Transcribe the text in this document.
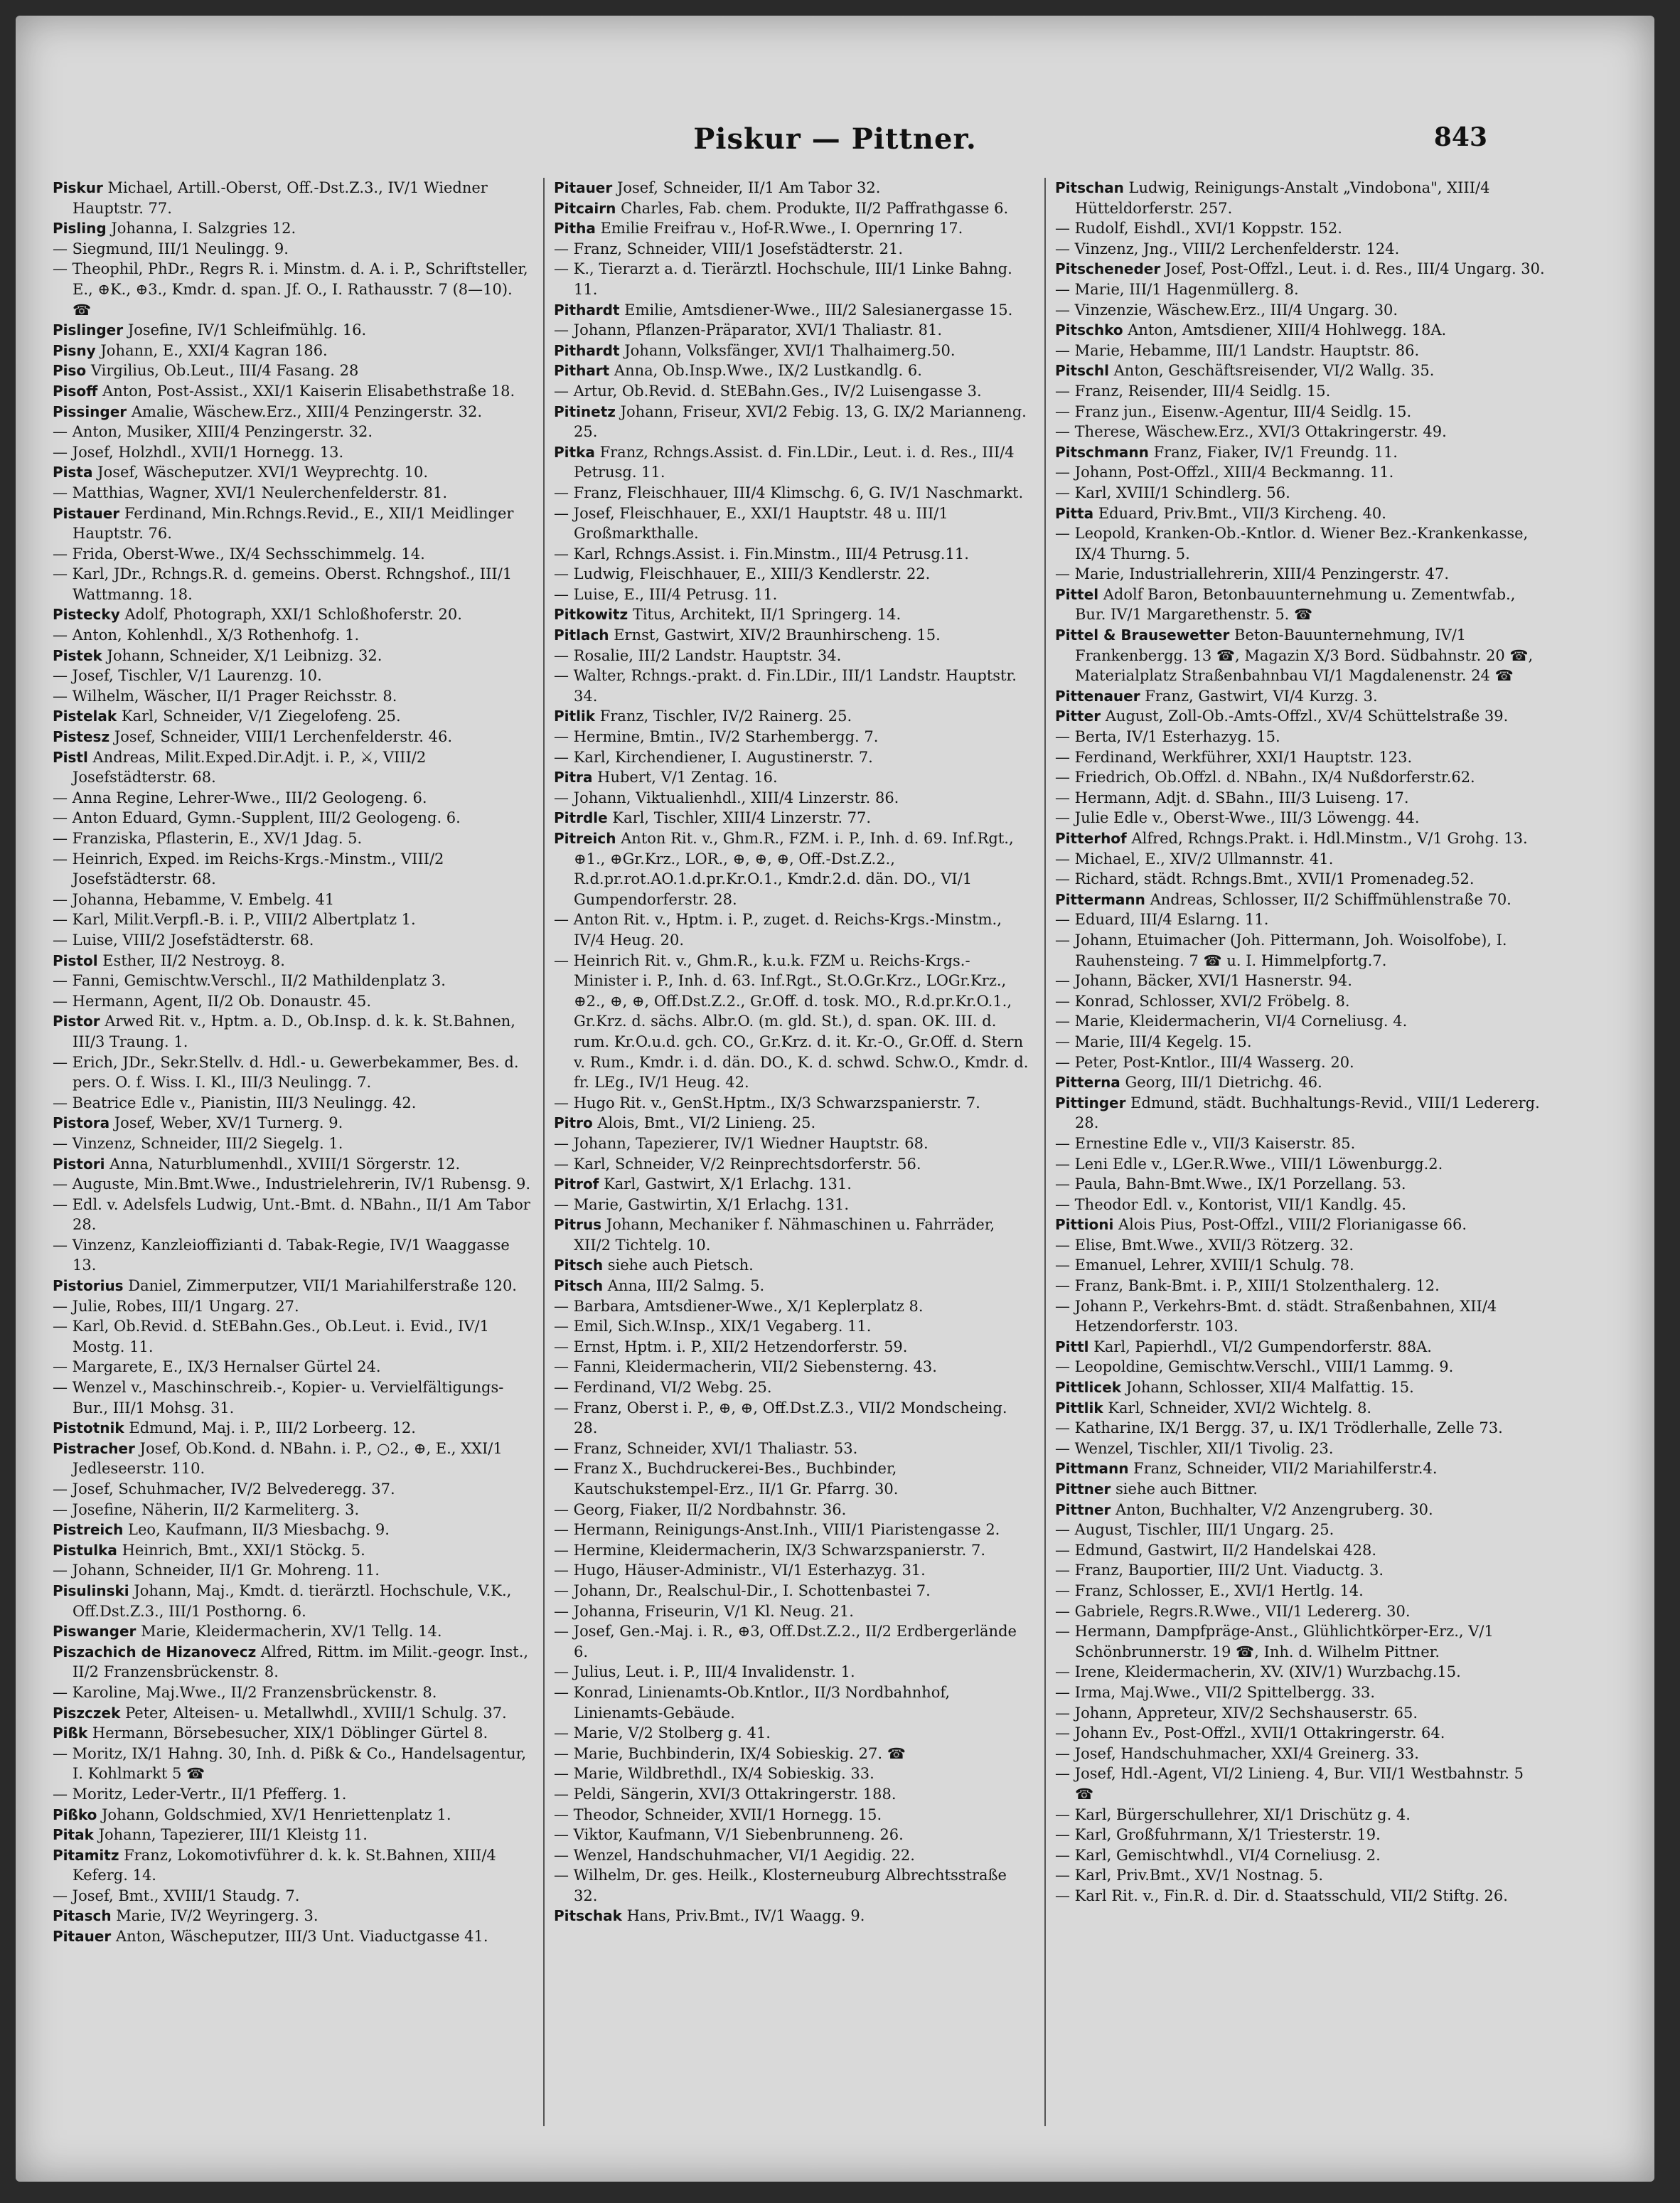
Piskur — Pittner.	843

Piskur Michael, Artill.-Oberst, Off.-Dst.Z.3., IV/1 Wiedner Hauptstr. 77.

Pisling Johanna, I. Salzgries 12.

— Siegmund, III/1 Neulingg. 9.

— Theophil, PhDr., Regrs R. i. Minstm. d. A. i. P., Schriftsteller, E., ⊕K., ⊕3., Kmdr. d. span. Jf. O., I. Rathausstr. 7 (8—10). ☎

Pislinger Josefine, IV/1 Schleifmühlg. 16.

Pisny Johann, E., XXI/4 Kagran 186.

Piso Virgilius, Ob.Leut., III/4 Fasang. 28

Pisoff Anton, Post-Assist., XXI/1 Kaiserin Elisabethstraße 18.

Pissinger Amalie, Wäschew.Erz., XIII/4 Penzingerstr. 32.

— Anton, Musiker, XIII/4 Penzingerstr. 32.

— Josef, Holzhdl., XVII/1 Hornegg. 13.

Pista Josef, Wäscheputzer. XVI/1 Weyprechtg. 10.

— Matthias, Wagner, XVI/1 Neulerchenfelderstr. 81.

Pistauer Ferdinand, Min.Rchngs.Revid., E., XII/1 Meidlinger Hauptstr. 76.

— Frida, Oberst-Wwe., IX/4 Sechsschimmelg. 14.

— Karl, JDr., Rchngs.R. d. gemeins. Oberst. Rchngshof., III/1 Wattmanng. 18.

Pistecky Adolf, Photograph, XXI/1 Schloßhoferstr. 20.

— Anton, Kohlenhdl., X/3 Rothenhofg. 1.

Pistek Johann, Schneider, X/1 Leibnizg. 32.

— Josef, Tischler, V/1 Laurenzg. 10.

— Wilhelm, Wäscher, II/1 Prager Reichsstr. 8.

Pistelak Karl, Schneider, V/1 Ziegelofeng. 25.

Pistesz Josef, Schneider, VIII/1 Lerchenfelderstr. 46.

Pistl Andreas, Milit.Exped.Dir.Adjt. i. P., ⚔, VIII/2 Josefstädterstr. 68.

— Anna Regine, Lehrer-Wwe., III/2 Geologeng. 6.

— Anton Eduard, Gymn.-Supplent, III/2 Geologeng. 6.

— Franziska, Pflasterin, E., XV/1 Jdag. 5.

— Heinrich, Exped. im Reichs-Krgs.-Minstm., VIII/2 Josefstädterstr. 68.

— Johanna, Hebamme, V. Embelg. 41

— Karl, Milit.Verpfl.-B. i. P., VIII/2 Albertplatz 1.

— Luise, VIII/2 Josefstädterstr. 68.

Pistol Esther, II/2 Nestroyg. 8.

— Fanni, Gemischtw.Verschl., II/2 Mathildenplatz 3.

— Hermann, Agent, II/2 Ob. Donaustr. 45.

Pistor Arwed Rit. v., Hptm. a. D., Ob.Insp. d. k. k. St.Bahnen, III/3 Traung. 1.

— Erich, JDr., Sekr.Stellv. d. Hdl.- u. Gewerbekammer, Bes. d. pers. O. f. Wiss. I. Kl., III/3 Neulingg. 7.

— Beatrice Edle v., Pianistin, III/3 Neulingg. 42.

Pistora Josef, Weber, XV/1 Turnerg. 9.

— Vinzenz, Schneider, III/2 Siegelg. 1.

Pistori Anna, Naturblumenhdl., XVIII/1 Sörgerstr. 12.

— Auguste, Min.Bmt.Wwe., Industrielehrerin, IV/1 Rubensg. 9.

— Edl. v. Adelsfels Ludwig, Unt.-Bmt. d. NBahn., II/1 Am Tabor 28.

— Vinzenz, Kanzleioffizianti d. Tabak-Regie, IV/1 Waaggasse 13.

Pistorius Daniel, Zimmerputzer, VII/1 Mariahilferstraße 120.

— Julie, Robes, III/1 Ungarg. 27.

— Karl, Ob.Revid. d. StEBahn.Ges., Ob.Leut. i. Evid., IV/1 Mostg. 11.

— Margarete, E., IX/3 Hernalser Gürtel 24.

— Wenzel v., Maschinschreib.-, Kopier- u. Vervielfältigungs-Bur., III/1 Mohsg. 31.

Pistotnik Edmund, Maj. i. P., III/2 Lorbeerg. 12.

Pistracher Josef, Ob.Kond. d. NBahn. i. P., ○2., ⊕, E., XXI/1 Jedleseerstr. 110.

— Josef, Schuhmacher, IV/2 Belvederegg. 37.

— Josefine, Näherin, II/2 Karmeliterg. 3.

Pistreich Leo, Kaufmann, II/3 Miesbachg. 9.

Pistulka Heinrich, Bmt., XXI/1 Stöckg. 5.

— Johann, Schneider, II/1 Gr. Mohreng. 11.

Pisulinski Johann, Maj., Kmdt. d. tierärztl. Hochschule, V.K., Off.Dst.Z.3., III/1 Posthorng. 6.

Piswanger Marie, Kleidermacherin, XV/1 Tellg. 14.

Piszachich de Hizanovecz Alfred, Rittm. im Milit.-geogr. Inst., II/2 Franzensbrückenstr. 8.

— Karoline, Maj.Wwe., II/2 Franzensbrückenstr. 8.

Piszczek Peter, Alteisen- u. Metallwhdl., XVIII/1 Schulg. 37.

Pißk Hermann, Börsebesucher, XIX/1 Döblinger Gürtel 8.

— Moritz, IX/1 Hahng. 30, Inh. d. Pißk & Co., Handelsagentur, I. Kohlmarkt 5 ☎

— Moritz, Leder-Vertr., II/1 Pfefferg. 1.

Pißko Johann, Goldschmied, XV/1 Henriettenplatz 1.

Pitak Johann, Tapezierer, III/1 Kleistg 11.

Pitamitz Franz, Lokomotivführer d. k. k. St.Bahnen, XIII/4 Keferg. 14.

— Josef, Bmt., XVIII/1 Staudg. 7.

Pitasch Marie, IV/2 Weyringerg. 3.

Pitauer Anton, Wäscheputzer, III/3 Unt. Viaductgasse 41.

Pitauer Josef, Schneider, II/1 Am Tabor 32.

Pitcairn Charles, Fab. chem. Produkte, II/2 Paffrathgasse 6.

Pitha Emilie Freifrau v., Hof-R.Wwe., I. Opernring 17.

— Franz, Schneider, VIII/1 Josefstädterstr. 21.

— K., Tierarzt a. d. Tierärztl. Hochschule, III/1 Linke Bahng. 11.

Pithardt Emilie, Amtsdiener-Wwe., III/2 Salesianergasse 15.

— Johann, Pflanzen-Präparator, XVI/1 Thaliastr. 81.

Pithardt Johann, Volksfänger, XVI/1 Thalhaimerg.50.

Pithart Anna, Ob.Insp.Wwe., IX/2 Lustkandlg. 6.

— Artur, Ob.Revid. d. StEBahn.Ges., IV/2 Luisengasse 3.

Pitinetz Johann, Friseur, XVI/2 Febig. 13, G. IX/2 Marianneng. 25.

Pitka Franz, Rchngs.Assist. d. Fin.LDir., Leut. i. d. Res., III/4 Petrusg. 11.

— Franz, Fleischhauer, III/4 Klimschg. 6, G. IV/1 Naschmarkt.

— Josef, Fleischhauer, E., XXI/1 Hauptstr. 48 u. III/1 Großmarkthalle.

— Karl, Rchngs.Assist. i. Fin.Minstm., III/4 Petrusg.11.

— Ludwig, Fleischhauer, E., XIII/3 Kendlerstr. 22.

— Luise, E., III/4 Petrusg. 11.

Pitkowitz Titus, Architekt, II/1 Springerg. 14.

Pitlach Ernst, Gastwirt, XIV/2 Braunhirscheng. 15.

— Rosalie, III/2 Landstr. Hauptstr. 34.

— Walter, Rchngs.-prakt. d. Fin.LDir., III/1 Landstr. Hauptstr. 34.

Pitlik Franz, Tischler, IV/2 Rainerg. 25.

— Hermine, Bmtin., IV/2 Starhembergg. 7.

— Karl, Kirchendiener, I. Augustinerstr. 7.

Pitra Hubert, V/1 Zentag. 16.

— Johann, Viktualienhdl., XIII/4 Linzerstr. 86.

Pitrdle Karl, Tischler, XIII/4 Linzerstr. 77.

Pitreich Anton Rit. v., Ghm.R., FZM. i. P., Inh. d. 69. Inf.Rgt., ⊕1., ⊕Gr.Krz., LOR., ⊕, ⊕, ⊕, Off.-Dst.Z.2., R.d.pr.rot.AO.1.d.pr.Kr.O.1., Kmdr.2.d. dän. DO., VI/1 Gumpendorferstr. 28.

— Anton Rit. v., Hptm. i. P., zuget. d. Reichs-Krgs.-Minstm., IV/4 Heug. 20.

— Heinrich Rit. v., Ghm.R., k.u.k. FZM u. Reichs-Krgs.-Minister i. P., Inh. d. 63. Inf.Rgt., St.O.Gr.Krz., LOGr.Krz., ⊕2., ⊕, ⊕, Off.Dst.Z.2., Gr.Off. d. tosk. MO., R.d.pr.Kr.O.1., Gr.Krz. d. sächs. Albr.O. (m. gld. St.), d. span. OK. III. d. rum. Kr.O.u.d. gch. CO., Gr.Krz. d. it. Kr.-O., Gr.Off. d. Stern v. Rum., Kmdr. i. d. dän. DO., K. d. schwd. Schw.O., Kmdr. d. fr. LEg., IV/1 Heug. 42.

— Hugo Rit. v., GenSt.Hptm., IX/3 Schwarzspanierstr. 7.

Pitro Alois, Bmt., VI/2 Linieng. 25.

— Johann, Tapezierer, IV/1 Wiedner Hauptstr. 68.

— Karl, Schneider, V/2 Reinprechtsdorferstr. 56.

Pitrof Karl, Gastwirt, X/1 Erlachg. 131.

— Marie, Gastwirtin, X/1 Erlachg. 131.

Pitrus Johann, Mechaniker f. Nähmaschinen u. Fahrräder, XII/2 Tichtelg. 10.

Pitsch siehe auch Pietsch.

Pitsch Anna, III/2 Salmg. 5.

— Barbara, Amtsdiener-Wwe., X/1 Keplerplatz 8.

— Emil, Sich.W.Insp., XIX/1 Vegaberg. 11.

— Ernst, Hptm. i. P., XII/2 Hetzendorferstr. 59.

— Fanni, Kleidermacherin, VII/2 Siebensterng. 43.

— Ferdinand, VI/2 Webg. 25.

— Franz, Oberst i. P., ⊕, ⊕, Off.Dst.Z.3., VII/2 Mondscheing. 28.

— Franz, Schneider, XVI/1 Thaliastr. 53.

— Franz X., Buchdruckerei-Bes., Buchbinder, Kautschukstempel-Erz., II/1 Gr. Pfarrg. 30.

— Georg, Fiaker, II/2 Nordbahnstr. 36.

— Hermann, Reinigungs-Anst.Inh., VIII/1 Piaristengasse 2.

— Hermine, Kleidermacherin, IX/3 Schwarzspanierstr. 7.

— Hugo, Häuser-Administr., VI/1 Esterhazyg. 31.

— Johann, Dr., Realschul-Dir., I. Schottenbastei 7.

— Johanna, Friseurin, V/1 Kl. Neug. 21.

— Josef, Gen.-Maj. i. R., ⊕3, Off.Dst.Z.2., II/2 Erdbergerlände 6.

— Julius, Leut. i. P., III/4 Invalidenstr. 1.

— Konrad, Linienamts-Ob.Kntlor., II/3 Nordbahnhof, Linienamts-Gebäude.

— Marie, V/2 Stolberg g. 41.

— Marie, Buchbinderin, IX/4 Sobieskig. 27. ☎

— Marie, Wildbrethdl., IX/4 Sobieskig. 33.

— Peldi, Sängerin, XVI/3 Ottakringerstr. 188.

— Theodor, Schneider, XVII/1 Hornegg. 15.

— Viktor, Kaufmann, V/1 Siebenbrunneng. 26.

— Wenzel, Handschuhmacher, VI/1 Aegidig. 22.

— Wilhelm, Dr. ges. Heilk., Klosterneuburg Albrechtsstraße 32.

Pitschak Hans, Priv.Bmt., IV/1 Waagg. 9.

Pitschan Ludwig, Reinigungs-Anstalt „Vindobona", XIII/4 Hütteldorferstr. 257.

— Rudolf, Eishdl., XVI/1 Koppstr. 152.

— Vinzenz, Jng., VIII/2 Lerchenfelderstr. 124.

Pitscheneder Josef, Post-Offzl., Leut. i. d. Res., III/4 Ungarg. 30.

— Marie, III/1 Hagenmüllerg. 8.

— Vinzenzie, Wäschew.Erz., III/4 Ungarg. 30.

Pitschko Anton, Amtsdiener, XIII/4 Hohlwegg. 18A.

— Marie, Hebamme, III/1 Landstr. Hauptstr. 86.

Pitschl Anton, Geschäftsreisender, VI/2 Wallg. 35.

— Franz, Reisender, III/4 Seidlg. 15.

— Franz jun., Eisenw.-Agentur, III/4 Seidlg. 15.

— Therese, Wäschew.Erz., XVI/3 Ottakringerstr. 49.

Pitschmann Franz, Fiaker, IV/1 Freundg. 11.

— Johann, Post-Offzl., XIII/4 Beckmanng. 11.

— Karl, XVIII/1 Schindlerg. 56.

Pitta Eduard, Priv.Bmt., VII/3 Kircheng. 40.

— Leopold, Kranken-Ob.-Kntlor. d. Wiener Bez.-Krankenkasse, IX/4 Thurng. 5.

— Marie, Industriallehrerin, XIII/4 Penzingerstr. 47.

Pittel Adolf Baron, Betonbauunternehmung u. Zementwfab., Bur. IV/1 Margarethenstr. 5. ☎

Pittel & Brausewetter Beton-Bauunternehmung, IV/1 Frankenbergg. 13 ☎, Magazin X/3 Bord. Südbahnstr. 20 ☎, Materialplatz Straßenbahnbau VI/1 Magdalenenstr. 24 ☎

Pittenauer Franz, Gastwirt, VI/4 Kurzg. 3.

Pitter August, Zoll-Ob.-Amts-Offzl., XV/4 Schüttelstraße 39.

— Berta, IV/1 Esterhazyg. 15.

— Ferdinand, Werkführer, XXI/1 Hauptstr. 123.

— Friedrich, Ob.Offzl. d. NBahn., IX/4 Nußdorferstr.62.

— Hermann, Adjt. d. SBahn., III/3 Luiseng. 17.

— Julie Edle v., Oberst-Wwe., III/3 Löwengg. 44.

Pitterhof Alfred, Rchngs.Prakt. i. Hdl.Minstm., V/1 Grohg. 13.

— Michael, E., XIV/2 Ullmannstr. 41.

— Richard, städt. Rchngs.Bmt., XVII/1 Promenadeg.52.

Pittermann Andreas, Schlosser, II/2 Schiffmühlenstraße 70.

— Eduard, III/4 Eslarng. 11.

— Johann, Etuimacher (Joh. Pittermann, Joh. Woisolfobe), I. Rauhensteing. 7 ☎ u. I. Himmelpfortg.7.

— Johann, Bäcker, XVI/1 Hasnerstr. 94.

— Konrad, Schlosser, XVI/2 Fröbelg. 8.

— Marie, Kleidermacherin, VI/4 Corneliusg. 4.

— Marie, III/4 Kegelg. 15.

— Peter, Post-Kntlor., III/4 Wasserg. 20.

Pitterna Georg, III/1 Dietrichg. 46.

Pittinger Edmund, städt. Buchhaltungs-Revid., VIII/1 Ledererg. 28.

— Ernestine Edle v., VII/3 Kaiserstr. 85.

— Leni Edle v., LGer.R.Wwe., VIII/1 Löwenburgg.2.

— Paula, Bahn-Bmt.Wwe., IX/1 Porzellang. 53.

— Theodor Edl. v., Kontorist, VII/1 Kandlg. 45.

Pittioni Alois Pius, Post-Offzl., VIII/2 Florianigasse 66.

— Elise, Bmt.Wwe., XVII/3 Rötzerg. 32.

— Emanuel, Lehrer, XVIII/1 Schulg. 78.

— Franz, Bank-Bmt. i. P., XIII/1 Stolzenthalerg. 12.

— Johann P., Verkehrs-Bmt. d. städt. Straßenbahnen, XII/4 Hetzendorferstr. 103.

Pittl Karl, Papierhdl., VI/2 Gumpendorferstr. 88A.

— Leopoldine, Gemischtw.Verschl., VIII/1 Lammg. 9.

Pittlicek Johann, Schlosser, XII/4 Malfattig. 15.

Pittlik Karl, Schneider, XVI/2 Wichtelg. 8.

— Katharine, IX/1 Bergg. 37, u. IX/1 Trödlerhalle, Zelle 73.

— Wenzel, Tischler, XII/1 Tivolig. 23.

Pittmann Franz, Schneider, VII/2 Mariahilferstr.4.

Pittner siehe auch Bittner.

Pittner Anton, Buchhalter, V/2 Anzengruberg. 30.

— August, Tischler, III/1 Ungarg. 25.

— Edmund, Gastwirt, II/2 Handelskai 428.

— Franz, Bauportier, III/2 Unt. Viaductg. 3.

— Franz, Schlosser, E., XVI/1 Hertlg. 14.

— Gabriele, Regrs.R.Wwe., VII/1 Ledererg. 30.

— Hermann, Dampfpräge-Anst., Glühlichtkörper-Erz., V/1 Schönbrunnerstr. 19 ☎, Inh. d. Wilhelm Pittner.

— Irene, Kleidermacherin, XV. (XIV/1) Wurzbachg.15.

— Irma, Maj.Wwe., VII/2 Spittelbergg. 33.

— Johann, Appreteur, XIV/2 Sechshauserstr. 65.

— Johann Ev., Post-Offzl., XVII/1 Ottakringerstr. 64.

— Josef, Handschuhmacher, XXI/4 Greinerg. 33.

— Josef, Hdl.-Agent, VI/2 Linieng. 4, Bur. VII/1 Westbahnstr. 5 ☎

— Karl, Bürgerschullehrer, XI/1 Drischütz g. 4.

— Karl, Großfuhrmann, X/1 Triesterstr. 19.

— Karl, Gemischtwhdl., VI/4 Corneliusg. 2.

— Karl, Priv.Bmt., XV/1 Nostnag. 5.

— Karl Rit. v., Fin.R. d. Dir. d. Staatsschuld, VII/2 Stiftg. 26.
